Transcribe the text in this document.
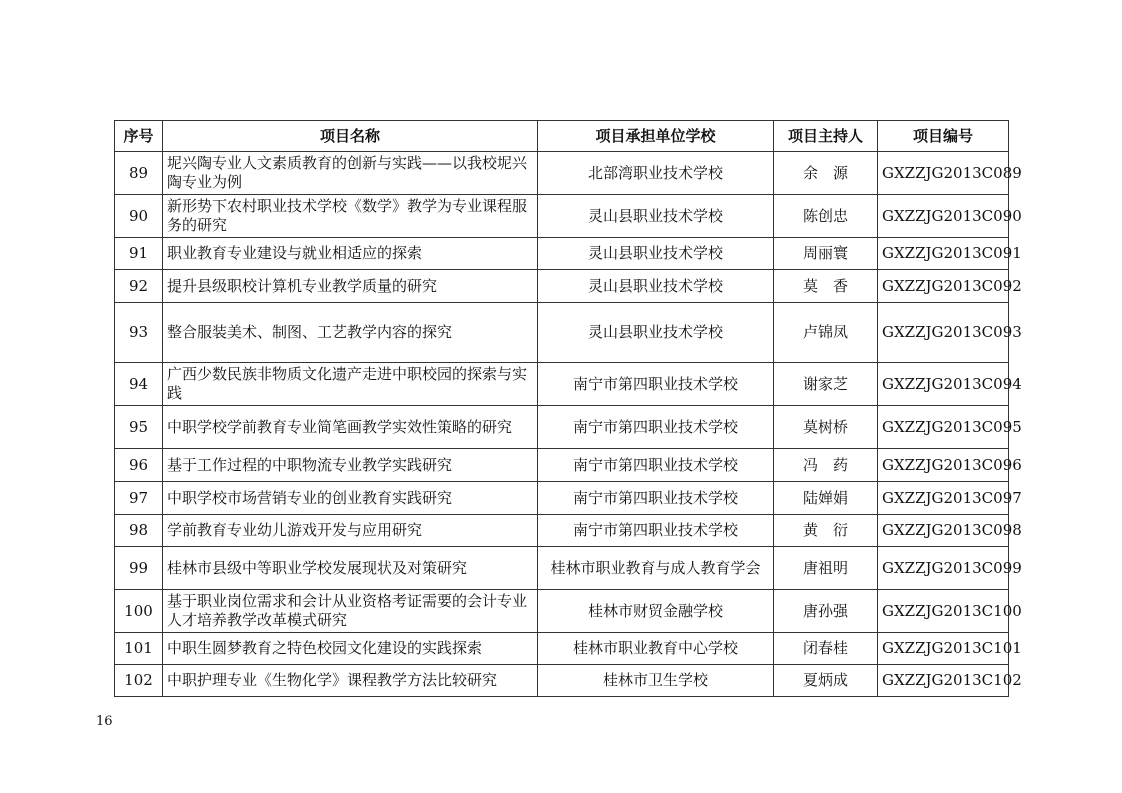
序号	项目名称	项目承担单位学校	项目主持人	项目编号
89	坭兴陶专业人文素质教育的创新与实践——以我校坭兴陶专业为例	北部湾职业技术学校	余　源	GXZZJG2013C089
90	新形势下农村职业技术学校《数学》教学为专业课程服务的研究	灵山县职业技术学校	陈创忠	GXZZJG2013C090
91	职业教育专业建设与就业相适应的探索	灵山县职业技术学校	周丽寰	GXZZJG2013C091
92	提升县级职校计算机专业教学质量的研究	灵山县职业技术学校	莫　香	GXZZJG2013C092
93	整合服装美术、制图、工艺教学内容的探究	灵山县职业技术学校	卢锦凤	GXZZJG2013C093
94	广西少数民族非物质文化遗产走进中职校园的探索与实践	南宁市第四职业技术学校	谢家芝	GXZZJG2013C094
95	中职学校学前教育专业简笔画教学实效性策略的研究	南宁市第四职业技术学校	莫树桥	GXZZJG2013C095
96	基于工作过程的中职物流专业教学实践研究	南宁市第四职业技术学校	冯　药	GXZZJG2013C096
97	中职学校市场营销专业的创业教育实践研究	南宁市第四职业技术学校	陆婵娟	GXZZJG2013C097
98	学前教育专业幼儿游戏开发与应用研究	南宁市第四职业技术学校	黄　衍	GXZZJG2013C098
99	桂林市县级中等职业学校发展现状及对策研究	桂林市职业教育与成人教育学会	唐祖明	GXZZJG2013C099
100	基于职业岗位需求和会计从业资格考证需要的会计专业人才培养教学改革模式研究	桂林市财贸金融学校	唐孙强	GXZZJG2013C100
101	中职生圆梦教育之特色校园文化建设的实践探索	桂林市职业教育中心学校	闭春桂	GXZZJG2013C101
102	中职护理专业《生物化学》课程教学方法比较研究	桂林市卫生学校	夏炳成	GXZZJG2013C102
16
